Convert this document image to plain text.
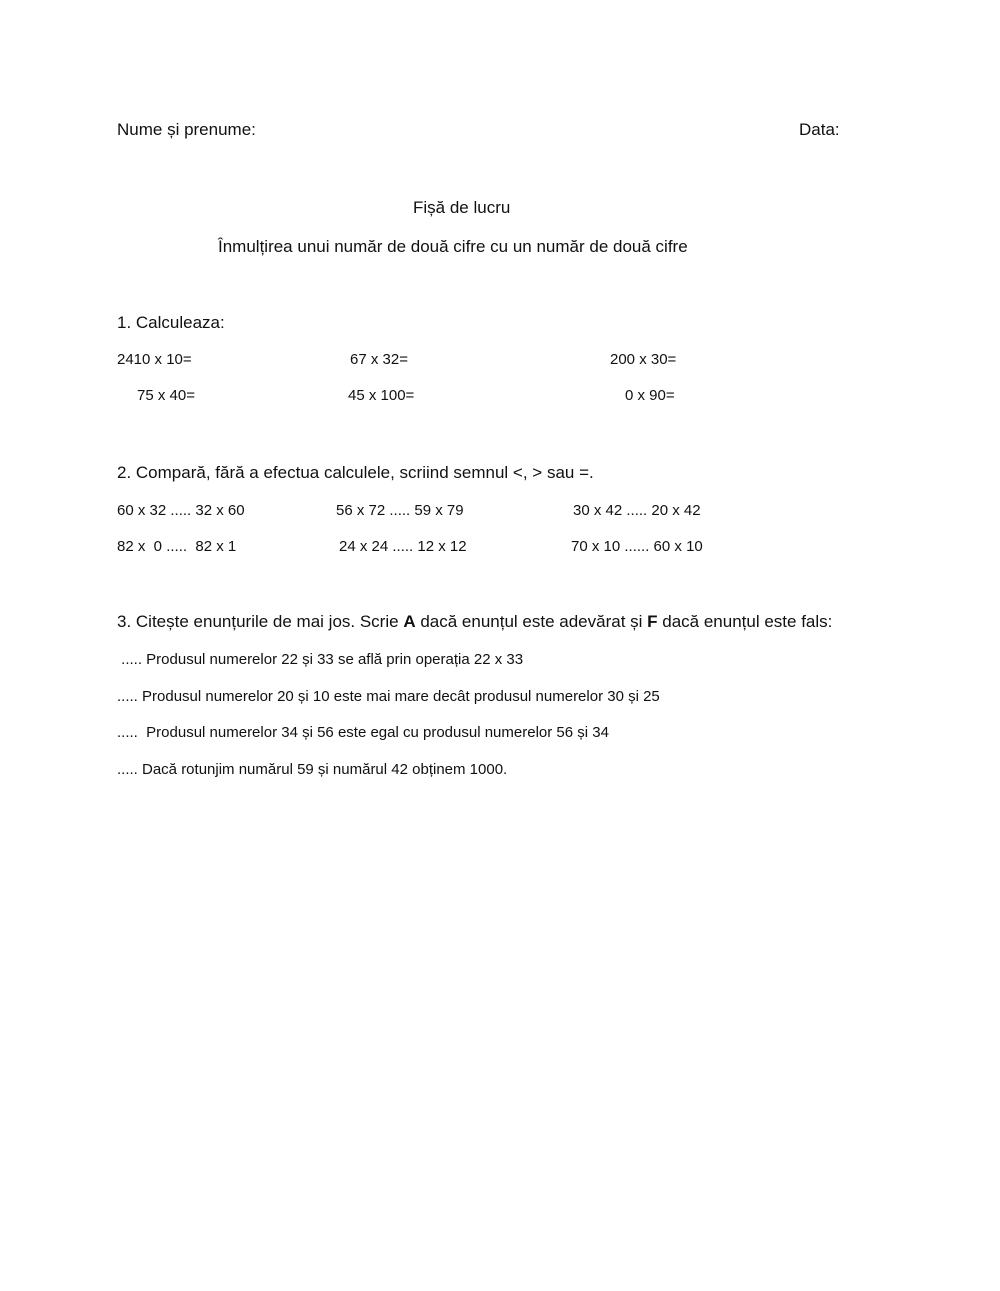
Nume și prenume:	Data:
Fișă de lucru
Înmulțirea unui număr de două cifre cu un număr de două cifre
1. Calculeaza:
2410 x 10=	67 x 32=	200 x 30=
75 x 40=	45 x 100=	0 x 90=
2. Compară, fără a efectua calculele, scriind semnul <, > sau =.
60 x 32 ..... 32 x 60	56 x 72 ..... 59 x 79	30 x 42 ..... 20 x 42
82 x  0 .....  82 x 1	24 x 24 ..... 12 x 12	70 x 10 ...... 60 x 10
3. Citește enunțurile de mai jos. Scrie A dacă enunțul este adevărat și F dacă enunțul este fals:
..... Produsul numerelor 22 și 33 se află prin operația 22 x 33
..... Produsul numerelor 20 și 10 este mai mare decât produsul numerelor 30 și 25
.....  Produsul numerelor 34 și 56 este egal cu produsul numerelor 56 și 34
..... Dacă rotunjim numărul 59 și numărul 42 obținem 1000.
